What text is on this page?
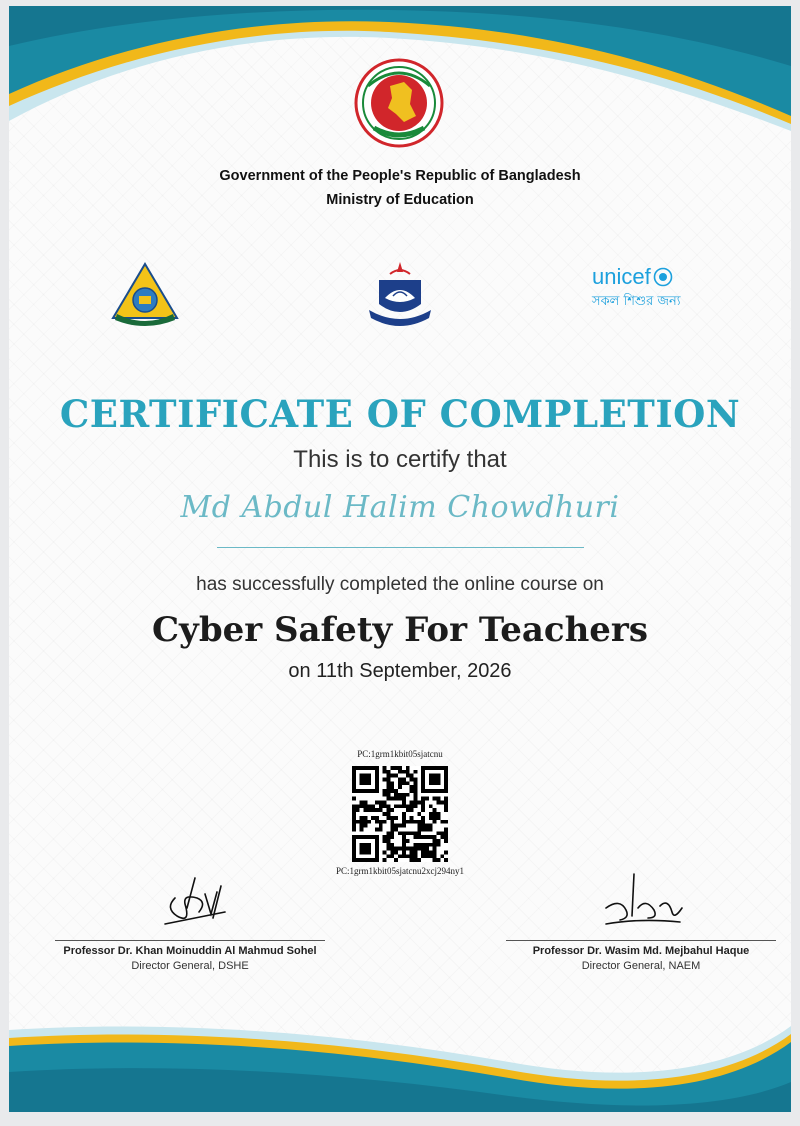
Government of the People's Republic of Bangladesh
Ministry of Education
unicef
সকল শিশুর জন্য
CERTIFICATE OF COMPLETION
This is to certify that
Md Abdul Halim Chowdhuri
has successfully completed the online course on
Cyber Safety For Teachers
on 11th September, 2026
PC:1grm1kbit05sjatcnu
PC:1grm1kbit05sjatcnu2xcj294ny1
Professor Dr. Khan Moinuddin Al Mahmud Sohel
Director General, DSHE
Professor Dr. Wasim Md. Mejbahul Haque
Director General, NAEM
